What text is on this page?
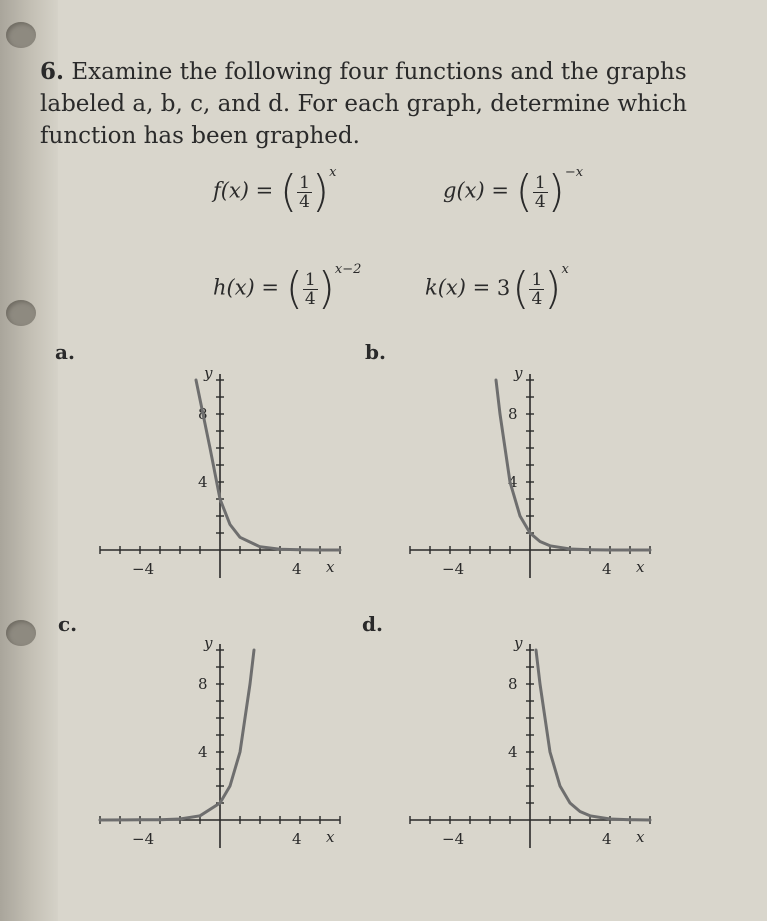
6. Examine the following four functions and the graphs labeled a, b, c, and d. For each graph, determine which function has been graphed.
f(x) = ( $\frac{1}{4} )^x$
g(x) = ( $\frac{1}{4} )^{-x}$
h(x) = ( $\frac{1}{4} )^{x-2}$
$k(x) = 3( \frac{1}{4} )^x$
a.	b.
c.	d.
−4	4
4
8
x
y
−4	4
4
8
x
y
−4	4
4
8
x
y
−4	4
4
8
x
y
